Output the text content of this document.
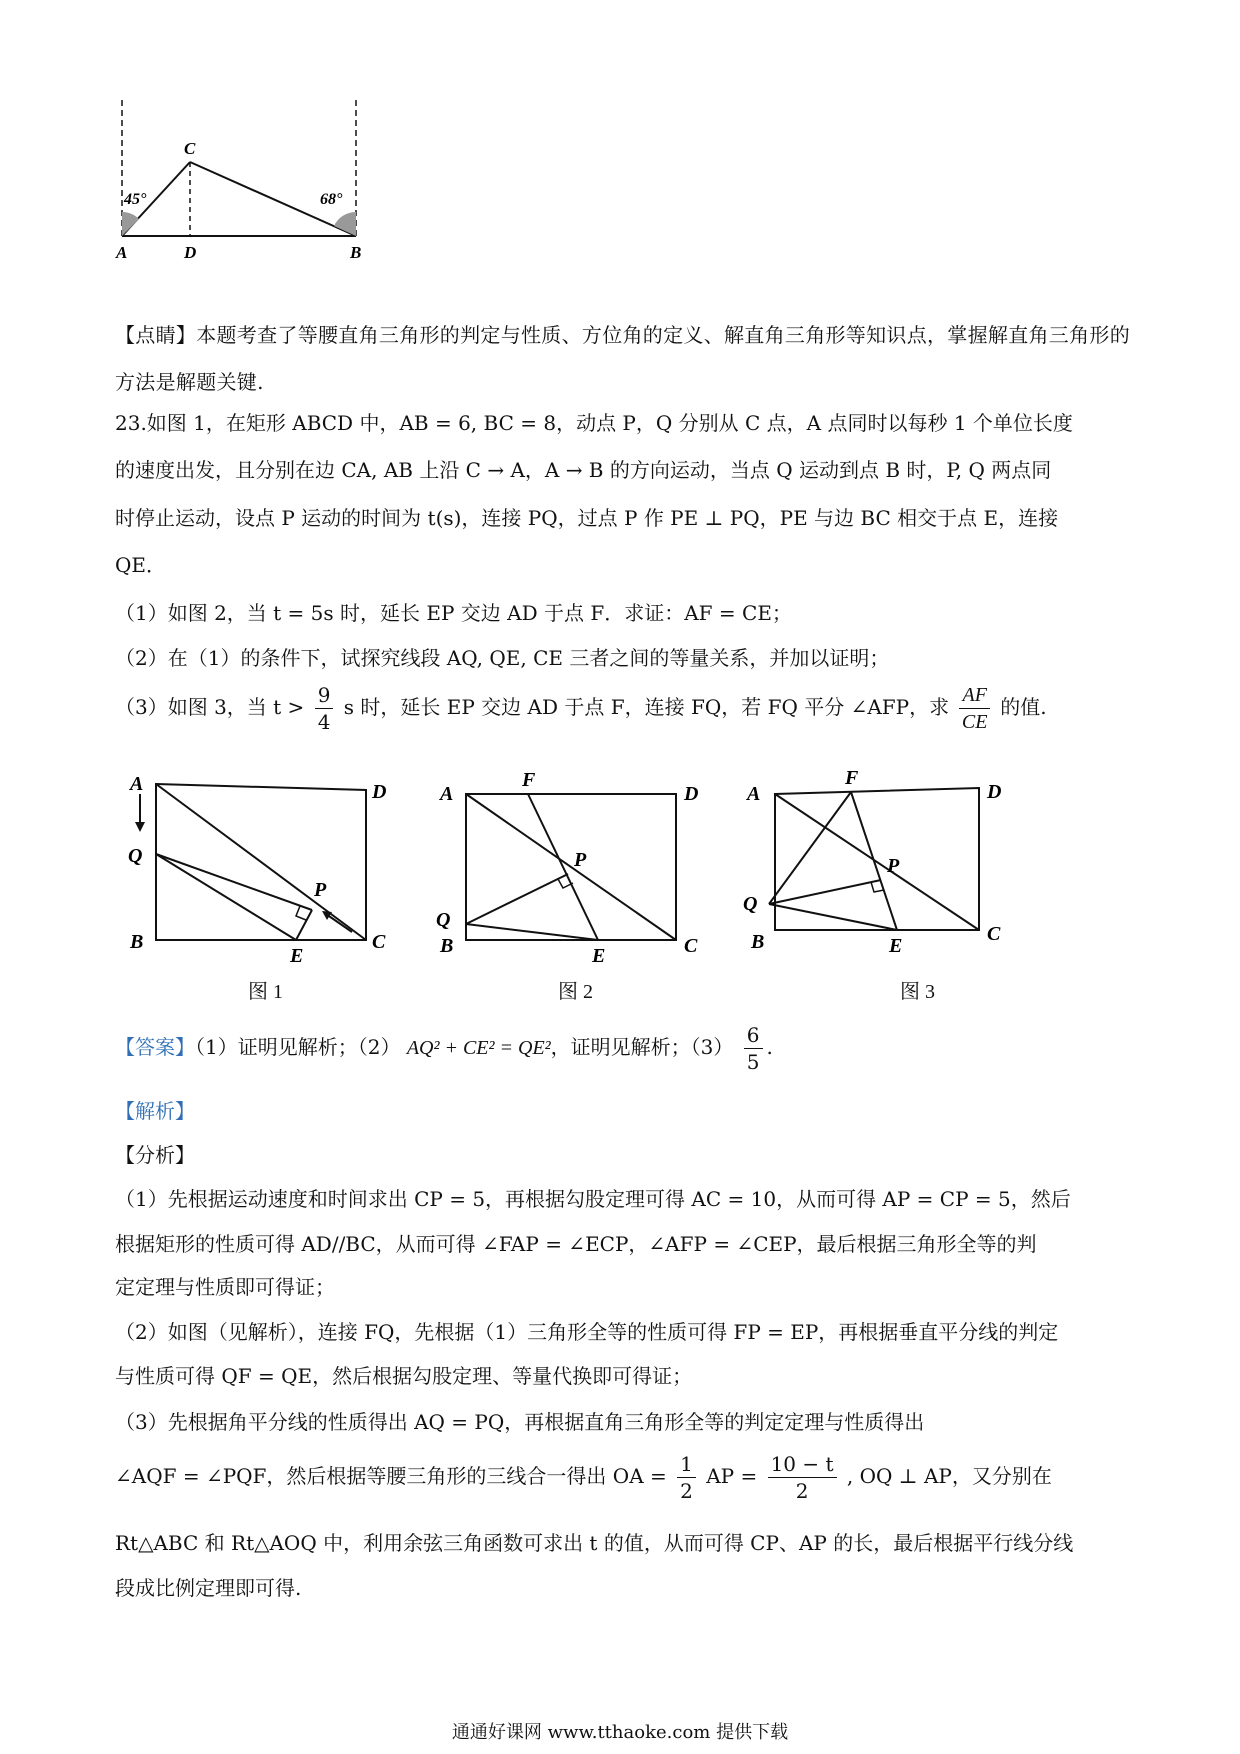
45°	68°
C
A	D	B
【点睛】本题考查了等腰直角三角形的判定与性质、方位角的定义、解直角三角形等知识点，掌握解直角三角形的方法是解题关键.
23.如图 1，在矩形 ABCD 中，AB = 6, BC = 8，动点 P，Q 分别从 C 点，A 点同时以每秒 1 个单位长度
的速度出发，且分别在边 CA, AB 上沿 C → A，A → B 的方向运动，当点 Q 运动到点 B 时，P, Q 两点同
时停止运动，设点 P 运动的时间为 t(s)，连接 PQ，过点 P 作 PE ⊥ PQ，PE 与边 BC 相交于点 E，连接
QE．
（1）如图 2，当 t = 5s 时，延长 EP 交边 AD 于点 F．求证：AF = CE；
（2）在（1）的条件下，试探究线段 AQ, QE, CE 三者之间的等量关系，并加以证明；
（3）如图 3，当 $t > \frac{9}{4}$ s 时，延长 EP 交边 AD 于点 F，连接 FQ，若 FQ 平分 ∠AFP，求 $\frac{AF}{CE}$ 的值.
A
Q
B
E
C
D
P
图 1
A
F
D
P
Q
B	E	C
图 2
A
F
D
P
Q
B	E
C
图 3
【答案】（1）证明见解析；（2） AQ² + CE² = QE²，证明见解析；$(3) \frac{6}{5}$ .
【解析】
【分析】
（1）先根据运动速度和时间求出 CP = 5，再根据勾股定理可得 AC = 10，从而可得 AP = CP = 5，然后
根据矩形的性质可得 AD//BC，从而可得 ∠FAP = ∠ECP，∠AFP = ∠CEP，最后根据三角形全等的判
定定理与性质即可得证；
（2）如图（见解析），连接 FQ，先根据（1）三角形全等的性质可得 FP = EP，再根据垂直平分线的判定
与性质可得 QF = QE，然后根据勾股定理、等量代换即可得证；
（3）先根据角平分线的性质得出 AQ = PQ，再根据直角三角形全等的判定定理与性质得出
∠AQF = ∠PQF，然后根据等腰三角形的三线合一得出 OA = $\frac{1}{2}$ AP = $\frac{10 - t}{2}$ , OQ ⊥ AP，又分别在
Rt△ABC 和 Rt△AOQ 中，利用余弦三角函数可求出 t 的值，从而可得 CP、AP 的长，最后根据平行线分线
段成比例定理即可得.
通通好课网 www.tthaoke.com 提供下载
